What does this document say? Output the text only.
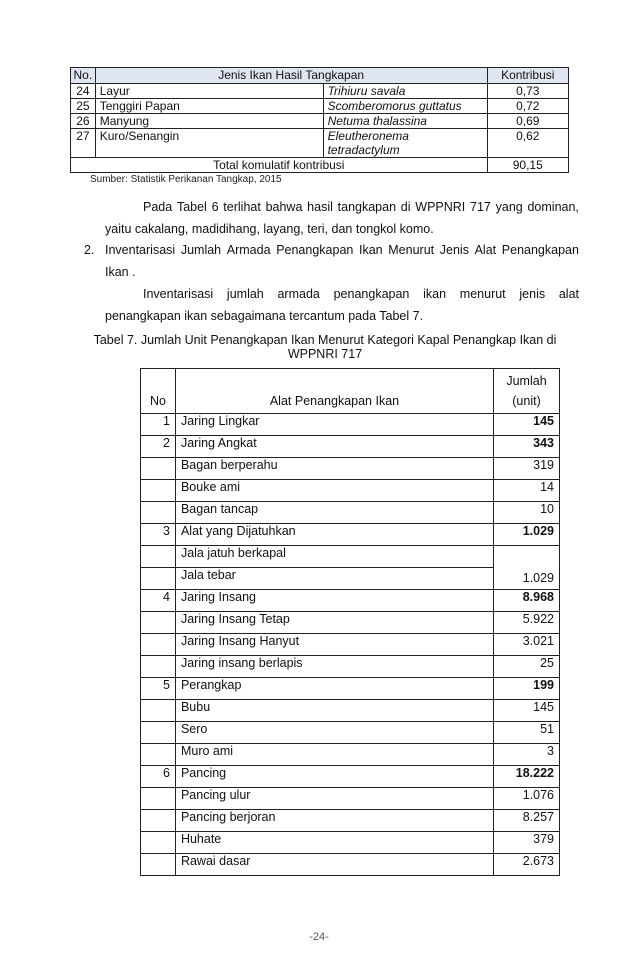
No.	Jenis Ikan Hasil Tangkapan		Kontribusi
24	Layur	Trihiuru savala	0,73
25	Tenggiri Papan	Scomberomorus guttatus	0,72
26	Manyung	Netuma thalassina	0,69
27	Kuro/Senangin	Eleutheronema tetradactylum	0,62
Total komulatif kontribusi			90,15
Sumber: Statistik Perikanan Tangkap, 2015
Pada Tabel 6 terlihat bahwa hasil tangkapan di WPPNRI 717 yang dominan,
yaitu cakalang, madidihang, layang, teri, dan tongkol komo.
2. Inventarisasi Jumlah Armada Penangkapan Ikan Menurut Jenis Alat Penangkapan
Ikan .
Inventarisasi jumlah armada penangkapan ikan menurut jenis alat
penangkapan ikan sebagaimana tercantum pada Tabel 7.
Tabel 7. Jumlah Unit Penangkapan Ikan Menurut Kategori Kapal Penangkap Ikan di
WPPNRI 717
No	Alat Penangkapan Ikan	Jumlah
(unit)

1	Jaring Lingkar	145
2	Jaring Angkat	343
	Bagan berperahu	319
	Bouke ami	14
	Bagan tancap	10
3	Alat yang Dijatuhkan	1.029
	Jala jatuh berkapal	1.029
	Jala tebar	
4	Jaring Insang	8.968
	Jaring Insang Tetap	5.922
	Jaring Insang Hanyut	3.021
	Jaring insang berlapis	25
5	Perangkap	199
	Bubu	145
	Sero	51
	Muro ami	3
6	Pancing	18.222
	Pancing ulur	1.076
	Pancing berjoran	8.257
	Huhate	379
	Rawai dasar	2.673
-24-
